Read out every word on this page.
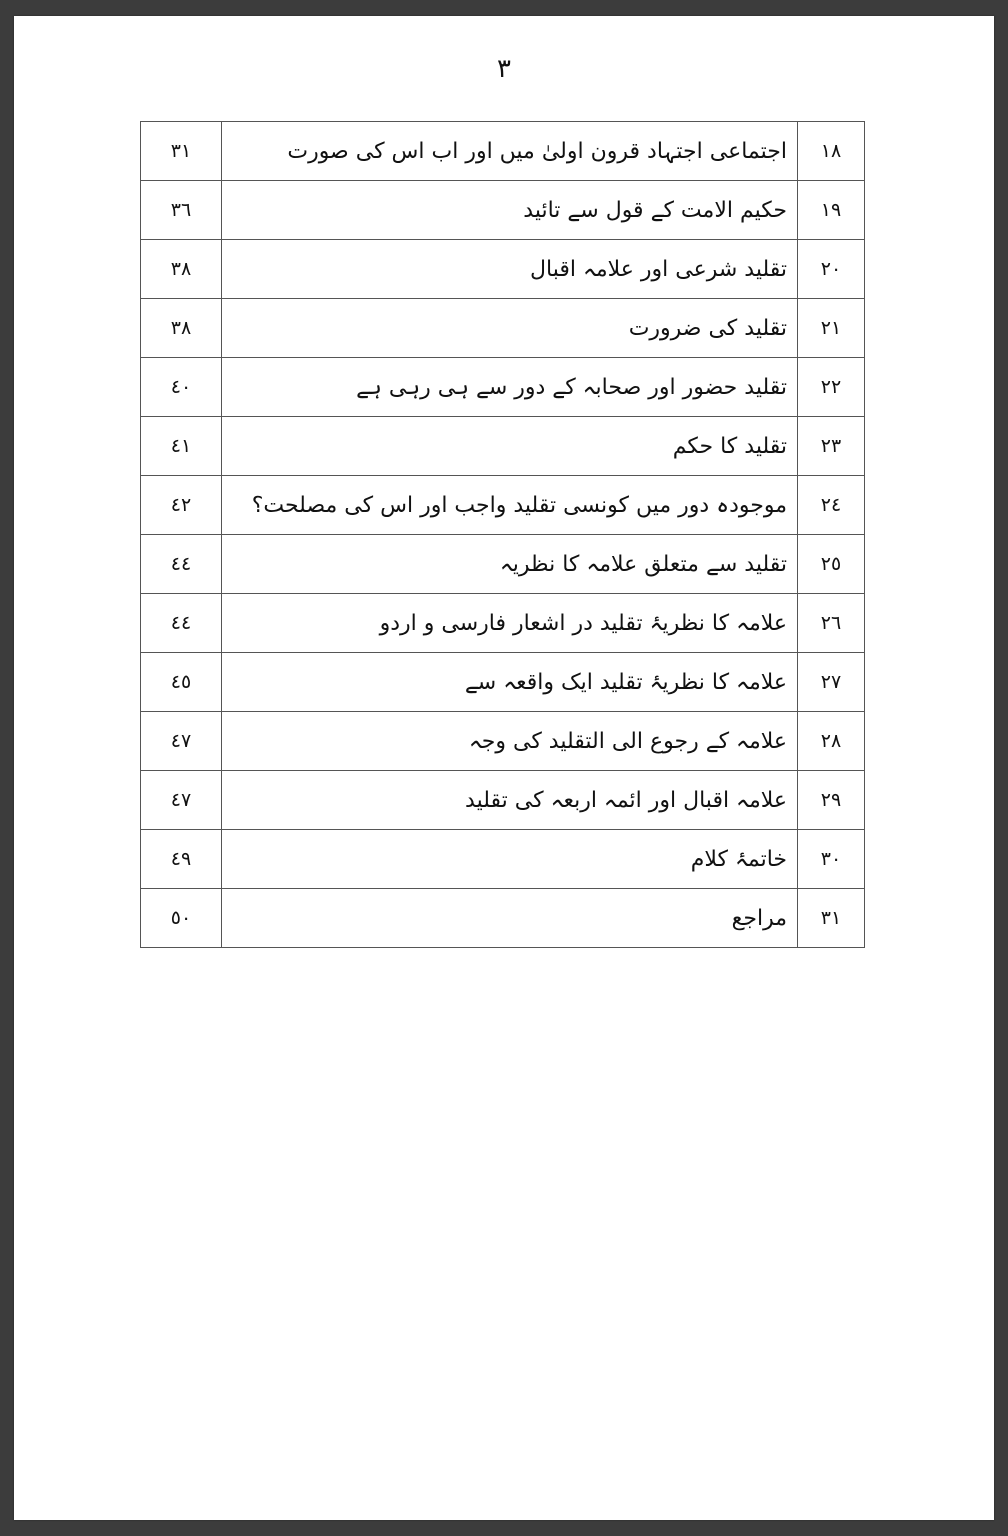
٣
٣١	اجتماعی اجتہاد قرون اولیٰ میں اور اب اس کی صورت	١٨
٣٦	حکیم الامت کے قول سے تائید	١٩
٣٨	تقلید شرعی اور علامہ اقبال	٢٠
٣٨	تقلید کی ضرورت	٢١
٤٠	تقلید حضور اور صحابہ کے دور سے ہی رہی ہے	٢٢
٤١	تقلید کا حکم	٢٣
٤٢	موجودہ دور میں کونسی تقلید واجب اور اس کی مصلحت؟	٢٤
٤٤	تقلید سے متعلق علامہ کا نظریہ	٢٥
٤٤	علامہ کا نظریۂ تقلید در اشعار فارسی و اردو	٢٦
٤٥	علامہ کا نظریۂ تقلید ایک واقعہ سے	٢٧
٤٧	علامہ کے رجوع الی التقلید کی وجہ	٢٨
٤٧	علامہ اقبال اور ائمہ اربعہ کی تقلید	٢٩
٤٩	خاتمۂ کلام	٣٠
٥٠	مراجع	٣١
